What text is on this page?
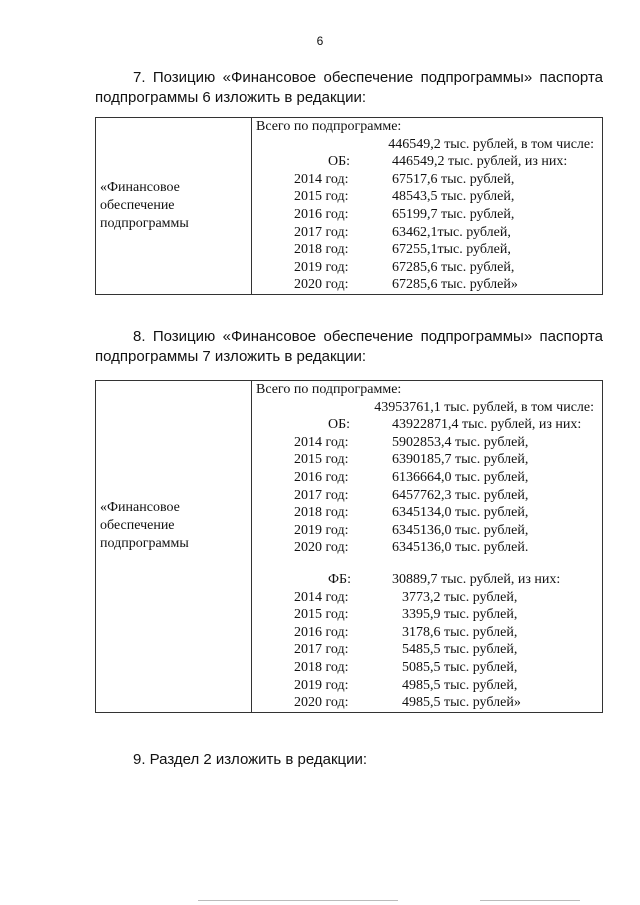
6
7. Позицию «Финансовое обеспечение подпрограммы» паспорта
подпрограммы 6 изложить в редакции:
«Финансовое
обеспечение
подпрограммы

Всего по подпрограмме:
446549,2 тыс. рублей, в том числе:
ОБ:	446549,2 тыс. рублей, из них:
2014 год:	67517,6 тыс. рублей,
2015 год:	48543,5 тыс. рублей,
2016 год:	65199,7 тыс. рублей,
2017 год:	63462,1тыс. рублей,
2018 год:	67255,1тыс. рублей,
2019 год:	67285,6 тыс. рублей,
2020 год:	67285,6 тыс. рублей»
8. Позицию «Финансовое обеспечение подпрограммы» паспорта
подпрограммы 7 изложить в редакции:
«Финансовое
обеспечение
подпрограммы

Всего по подпрограмме:
43953761,1 тыс. рублей, в том числе:
ОБ:	43922871,4 тыс. рублей, из них:
2014 год:	5902853,4 тыс. рублей,
2015 год:	6390185,7 тыс. рублей,
2016 год:	6136664,0 тыс. рублей,
2017 год:	6457762,3 тыс. рублей,
2018 год:	6345134,0 тыс. рублей,
2019 год:	6345136,0 тыс. рублей,
2020 год:	6345136,0 тыс. рублей.
ФБ:	30889,7 тыс. рублей, из них:
2014 год:	3773,2 тыс. рублей,
2015 год:	3395,9 тыс. рублей,
2016 год:	3178,6 тыс. рублей,
2017 год:	5485,5 тыс. рублей,
2018 год:	5085,5 тыс. рублей,
2019 год:	4985,5 тыс. рублей,
2020 год:	4985,5 тыс. рублей»
9. Раздел 2 изложить в редакции:
